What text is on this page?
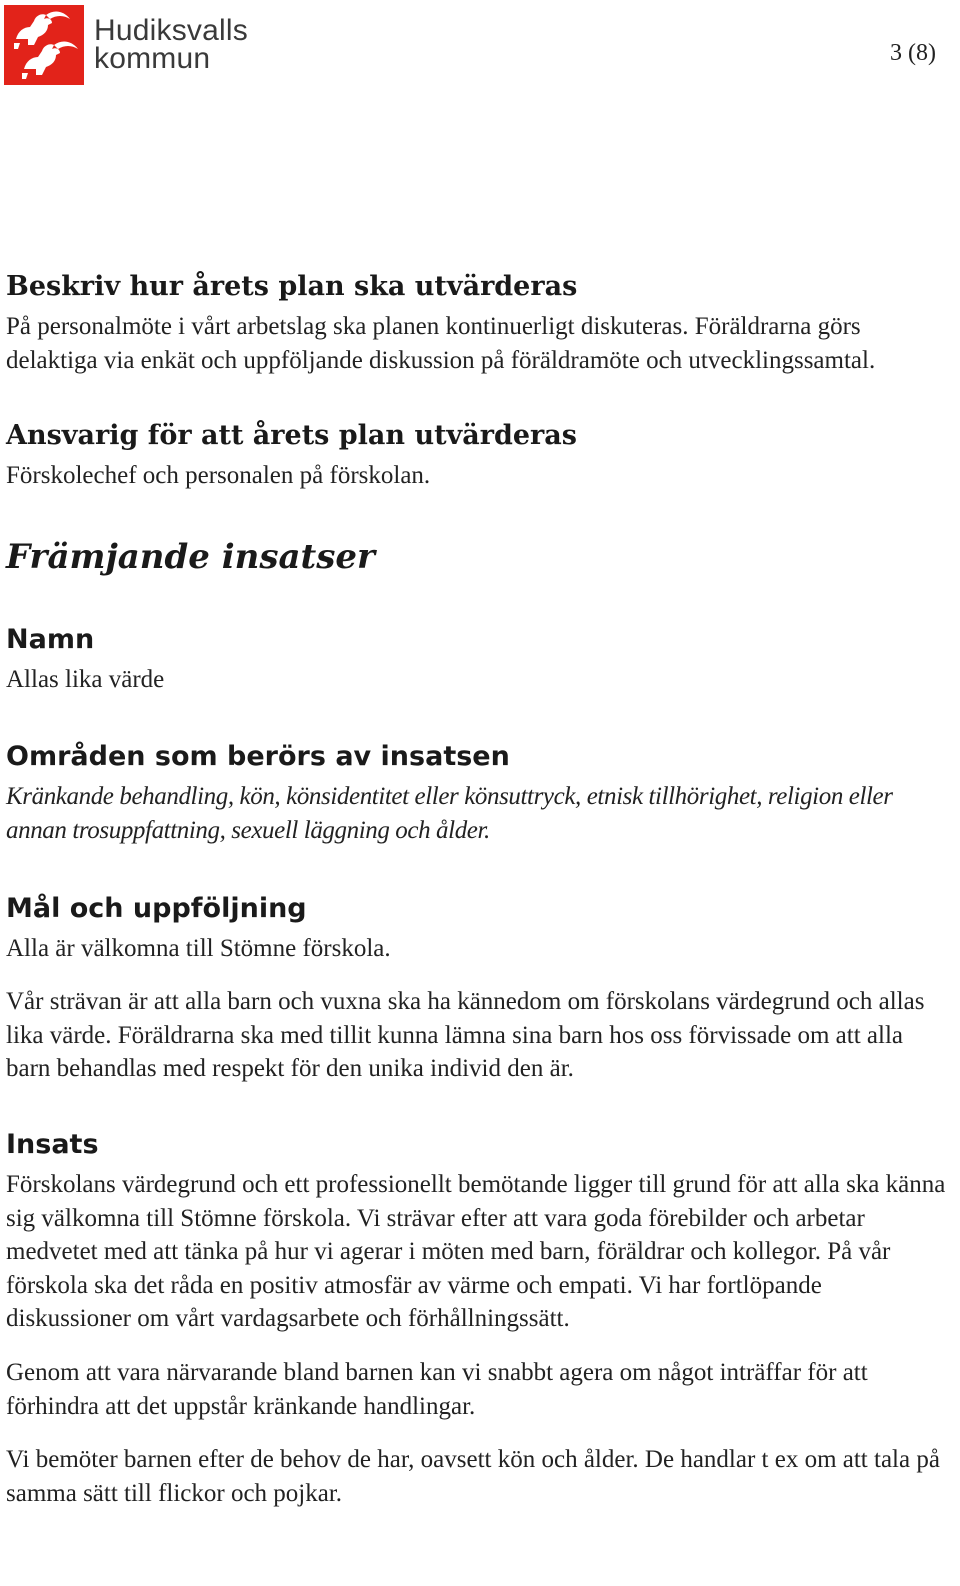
Hudiksvalls
kommun	3 (8)
Beskriv hur årets plan ska utvärderas

På personalmöte i vårt arbetslag ska planen kontinuerligt diskuteras. Föräldrarna görs delaktiga via enkät och uppföljande diskussion på föräldramöte och utvecklingssamtal.

Ansvarig för att årets plan utvärderas

Förskolechef och personalen på förskolan.

Främjande insatser
Namn

Allas lika värde

Områden som berörs av insatsen

Kränkande behandling, kön, könsidentitet eller könsuttryck, etnisk tillhörighet, religion eller annan trosuppfattning, sexuell läggning och ålder.

Mål och uppföljning

Alla är välkomna till Stömne förskola.

Vår strävan är att alla barn och vuxna ska ha kännedom om förskolans värdegrund och allas lika värde. Föräldrarna ska med tillit kunna lämna sina barn hos oss förvissade om att alla barn behandlas med respekt för den unika individ den är.

Insats

Förskolans värdegrund och ett professionellt bemötande ligger till grund för att alla ska känna sig välkomna till Stömne förskola. Vi strävar efter att vara goda förebilder och arbetar medvetet med att tänka på hur vi agerar i möten med barn, föräldrar och kollegor. På vår förskola ska det råda en positiv atmosfär av värme och empati. Vi har fortlöpande diskussioner om vårt vardagsarbete och förhållningssätt.

Genom att vara närvarande bland barnen kan vi snabbt agera om något inträffar för att förhindra att det uppstår kränkande handlingar.

Vi bemöter barnen efter de behov de har, oavsett kön och ålder. De handlar t ex om att tala på samma sätt till flickor och pojkar.
